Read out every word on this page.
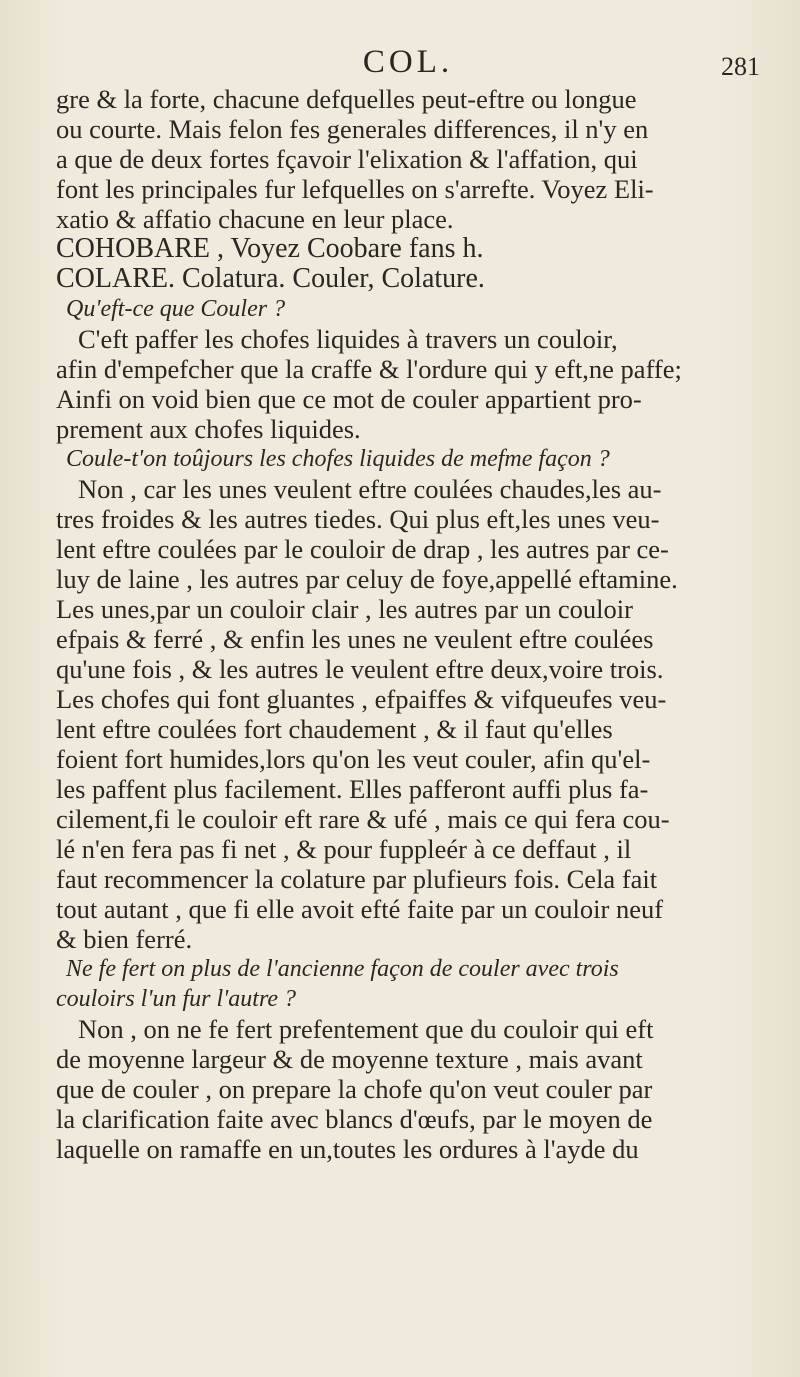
COL.	281
gre & la forte, chacune defquelles peut-eftre ou longue
ou courte. Mais felon fes generales differences, il n'y en
a que de deux fortes fçavoir l'elixation & l'affation, qui
font les principales fur lefquelles on s'arrefte. Voyez Eli-
xatio & affatio chacune en leur place.
COHOBARE , Voyez Coobare fans h.
COLARE. Colatura. Couler, Colature.
Qu'eft-ce que Couler ?
C'eft paffer les chofes liquides à travers un couloir,
afin d'empefcher que la craffe & l'ordure qui y eft,ne paffe;
Ainfi on void bien que ce mot de couler appartient pro-
prement aux chofes liquides.
Coule-t'on toûjours les chofes liquides de mefme façon ?
Non , car les unes veulent eftre coulées chaudes,les au-
tres froides & les autres tiedes. Qui plus eft,les unes veu-
lent eftre coulées par le couloir de drap , les autres par ce-
luy de laine , les autres par celuy de foye,appellé eftamine.
Les unes,par un couloir clair , les autres par un couloir
efpais & ferré , & enfin les unes ne veulent eftre coulées
qu'une fois , & les autres le veulent eftre deux,voire trois.
Les chofes qui font gluantes , efpaiffes & vifqueufes veu-
lent eftre coulées fort chaudement , & il faut qu'elles
foient fort humides,lors qu'on les veut couler, afin qu'el-
les paffent plus facilement. Elles pafferont auffi plus fa-
cilement,fi le couloir eft rare & ufé , mais ce qui fera cou-
lé n'en fera pas fi net , & pour fuppleér à ce deffaut , il
faut recommencer la colature par plufieurs fois. Cela fait
tout autant , que fi elle avoit efté faite par un couloir neuf
& bien ferré.
Ne fe fert on plus de l'ancienne façon de couler avec trois
couloirs l'un fur l'autre ?
Non , on ne fe fert prefentement que du couloir qui eft
de moyenne largeur & de moyenne texture , mais avant
que de couler , on prepare la chofe qu'on veut couler par
la clarification faite avec blancs d'œufs, par le moyen de
laquelle on ramaffe en un,toutes les ordures à l'ayde du
